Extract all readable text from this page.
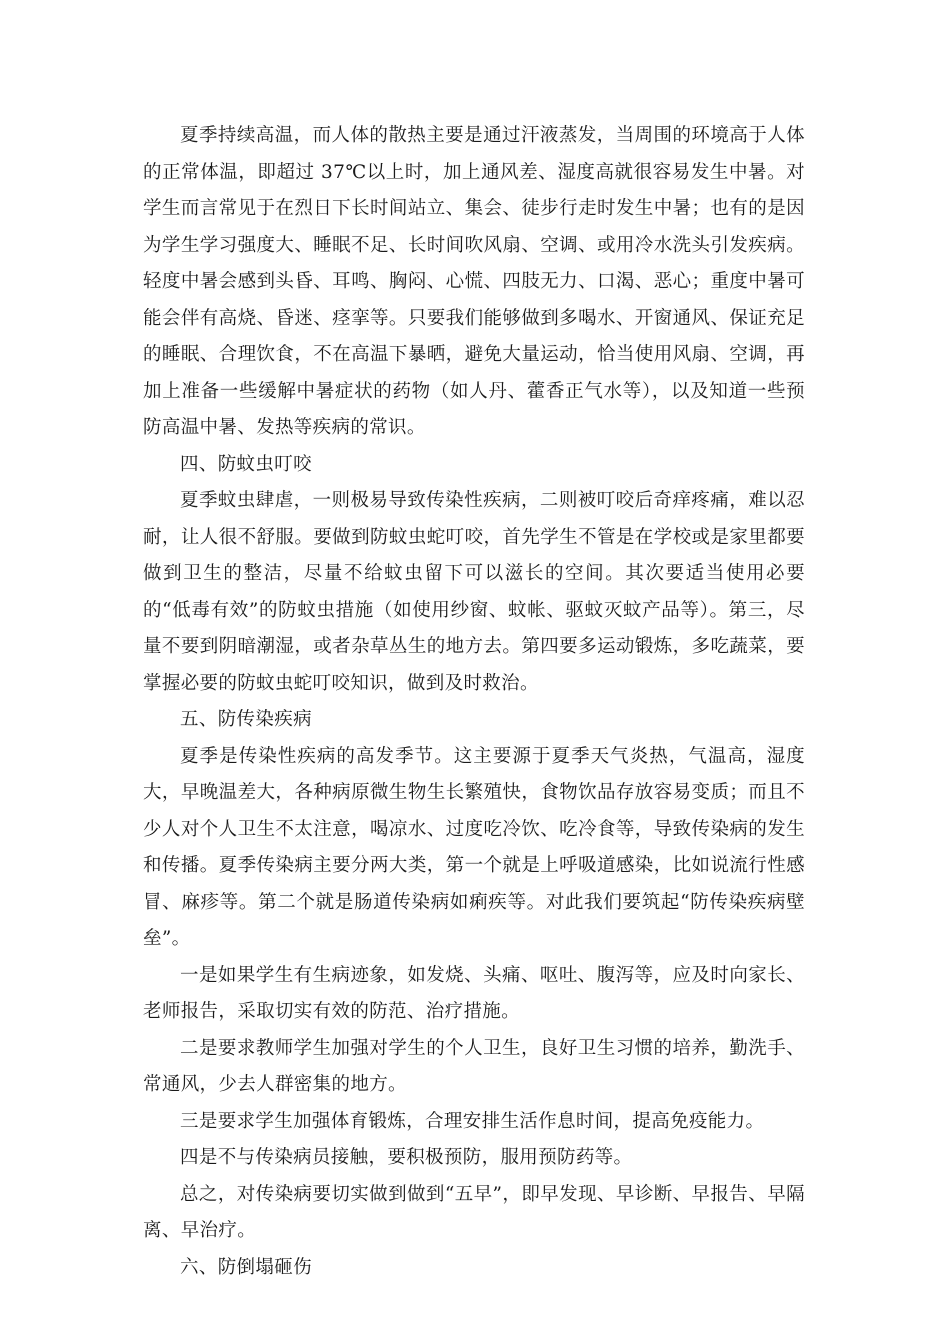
夏季持续高温，而人体的散热主要是通过汗液蒸发，当周围的环境高于人体的正常体温，即超过 37℃以上时，加上通风差、湿度高就很容易发生中暑。对学生而言常见于在烈日下长时间站立、集会、徒步行走时发生中暑；也有的是因为学生学习强度大、睡眠不足、长时间吹风扇、空调、或用冷水洗头引发疾病。轻度中暑会感到头昏、耳鸣、胸闷、心慌、四肢无力、口渴、恶心；重度中暑可能会伴有高烧、昏迷、痉挛等。只要我们能够做到多喝水、开窗通风、保证充足的睡眠、合理饮食，不在高温下暴晒，避免大量运动，恰当使用风扇、空调，再加上准备一些缓解中暑症状的药物（如人丹、藿香正气水等），以及知道一些预防高温中暑、发热等疾病的常识。

四、防蚊虫叮咬

夏季蚊虫肆虐，一则极易导致传染性疾病，二则被叮咬后奇痒疼痛，难以忍耐，让人很不舒服。要做到防蚊虫蛇叮咬，首先学生不管是在学校或是家里都要做到卫生的整洁，尽量不给蚊虫留下可以滋长的空间。其次要适当使用必要的“低毒有效”的防蚊虫措施（如使用纱窗、蚊帐、驱蚊灭蚊产品等）。第三，尽量不要到阴暗潮湿，或者杂草丛生的地方去。第四要多运动锻炼，多吃蔬菜，要掌握必要的防蚊虫蛇叮咬知识，做到及时救治。

五、防传染疾病

夏季是传染性疾病的高发季节。这主要源于夏季天气炎热，气温高，湿度大，早晚温差大，各种病原微生物生长繁殖快，食物饮品存放容易变质；而且不少人对个人卫生不太注意，喝凉水、过度吃冷饮、吃冷食等，导致传染病的发生和传播。夏季传染病主要分两大类，第一个就是上呼吸道感染，比如说流行性感冒、麻疹等。第二个就是肠道传染病如痢疾等。对此我们要筑起“防传染疾病壁垒”。

一是如果学生有生病迹象，如发烧、头痛、呕吐、腹泻等，应及时向家长、老师报告，采取切实有效的防范、治疗措施。

二是要求教师学生加强对学生的个人卫生，良好卫生习惯的培养，勤洗手、常通风，少去人群密集的地方。

三是要求学生加强体育锻炼，合理安排生活作息时间，提高免疫能力。

四是不与传染病员接触，要积极预防，服用预防药等。

总之，对传染病要切实做到做到“五早”，即早发现、早诊断、早报告、早隔离、早治疗。

六、防倒塌砸伤
